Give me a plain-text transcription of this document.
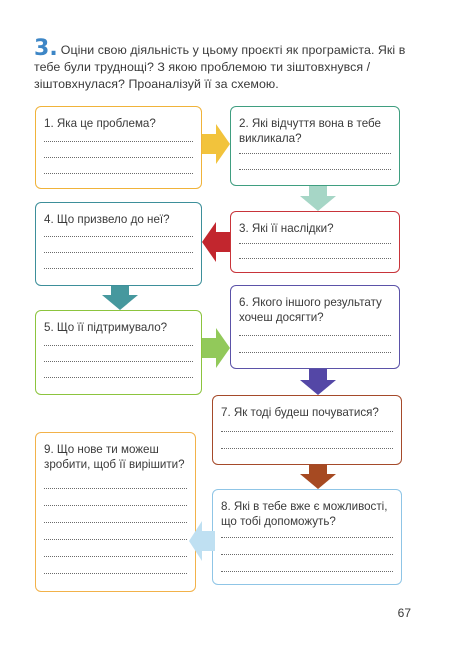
3. Оціни свою діяльність у цьому проєкті як програміста. Які в тебе були труднощі? З якою проблемою ти зіштовхнувся / зіштовхнулася? Проаналізуй її за схемою.
1. Яка це проблема?	2. Які відчуття вона в тебе викликала?
4. Що призвело до неї?
3. Які її наслідки?
6. Якого іншого результату хочеш досягти?
5. Що її підтримувало?
7. Як тоді будеш почуватися?
9. Що нове ти можеш зробити, щоб її вирішити?
8. Які в тебе вже є можливості, що тобі допоможуть?
67
